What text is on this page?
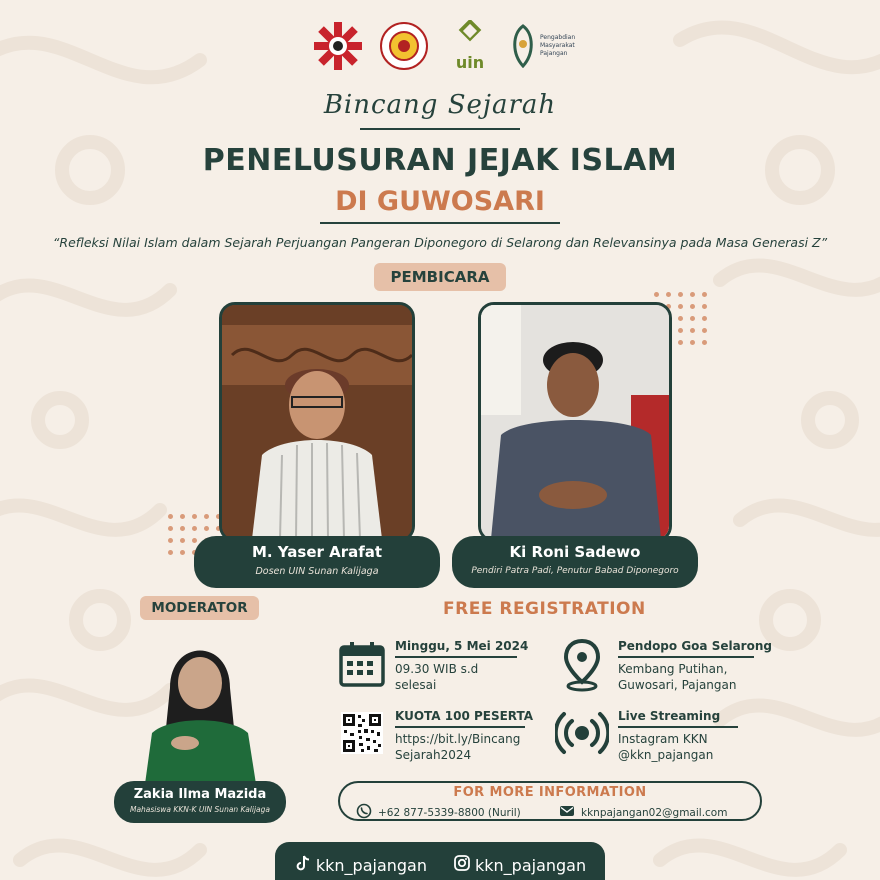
uin
Pengabdian Masyarakat Pajangan
Bincang Sejarah
PENELUSURAN JEJAK ISLAM
DI GUWOSARI
“Refleksi Nilai Islam dalam Sejarah Perjuangan Pangeran Diponegoro di Selarong dan Relevansinya pada Masa Generasi Z”
PEMBICARA
M. Yaser Arafat
Dosen UIN Sunan Kalijaga
Ki Roni Sadewo
Pendiri Patra Padi, Penutur Babad Diponegoro
MODERATOR
Zakia Ilma Mazida
Mahasiswa KKN-K UIN Sunan Kalijaga
FREE REGISTRATION
Minggu, 5 Mei 2024
09.30 WIB s.d
selesai
Pendopo Goa Selarong
Kembang Putihan,
Guwosari, Pajangan
KUOTA 100 PESERTA
https://bit.ly/Bincang
Sejarah2024
Live Streaming
Instagram KKN
@kkn_pajangan
FOR MORE INFORMATION
+62 877-5339-8800 (Nuril)	kknpajangan02@gmail.com
kkn_pajangan	kkn_pajangan
